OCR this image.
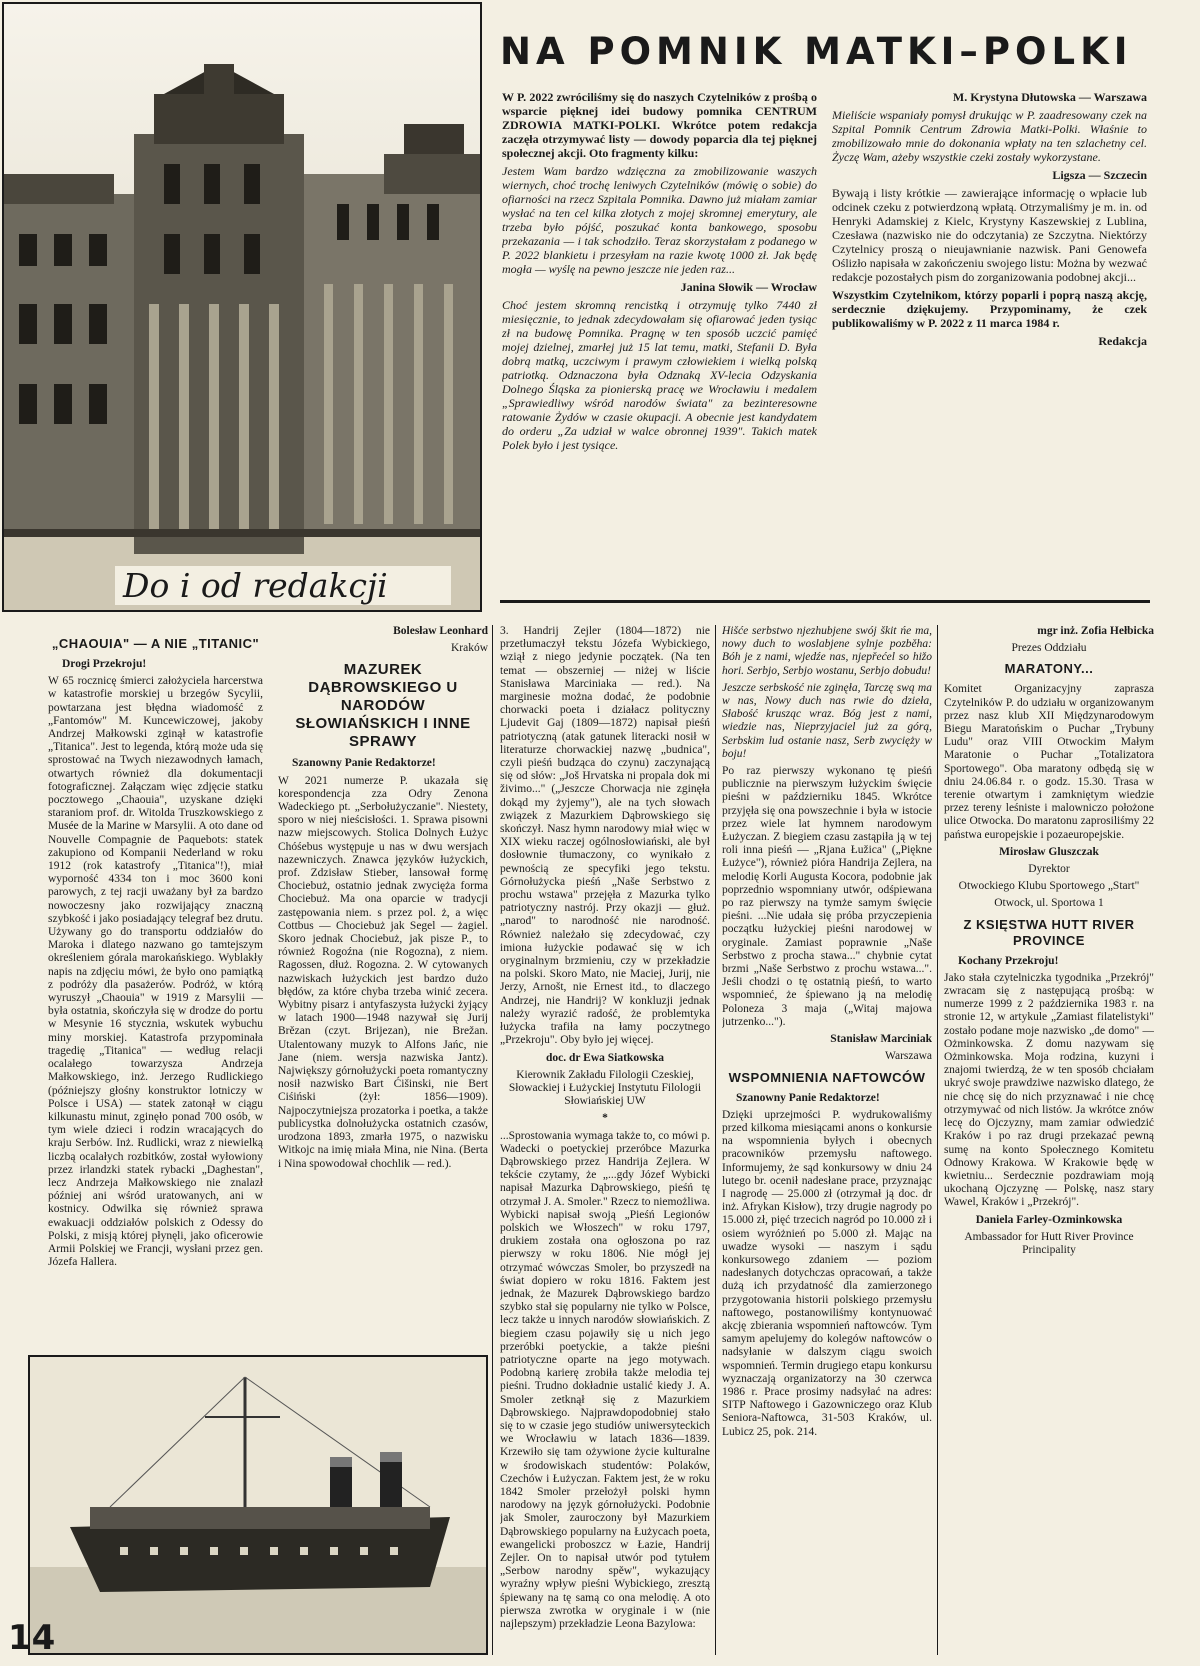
Do i od redakcji
NA POMNIK MATKI–POLKI

W P. 2022 zwróciliśmy się do naszych Czytelników z prośbą o wsparcie pięknej idei budowy pomnika CENTRUM ZDROWIA MATKI-POLKI. Wkrótce potem redakcja zaczęła otrzymywać listy — dowody poparcia dla tej pięknej społecznej akcji. Oto fragmenty kilku:

Jestem Wam bardzo wdzięczna za zmobilizowanie waszych wiernych, choć trochę leniwych Czytelników (mówię o sobie) do ofiarności na rzecz Szpitala Pomnika. Dawno już miałam zamiar wysłać na ten cel kilka złotych z mojej skromnej emerytury, ale trzeba było pójść, poszukać konta bankowego, sposobu przekazania — i tak schodziło. Teraz skorzystałam z podanego w P. 2022 blankietu i przesyłam na razie kwotę 1000 zł. Jak będę mogła — wyślę na pewno jeszcze nie jeden raz...

Janina Słowik — Wrocław

Choć jestem skromną rencistką i otrzymuję tylko 7440 zł miesięcznie, to jednak zdecydowałam się ofiarować jeden tysiąc zł na budowę Pomnika. Pragnę w ten sposób uczcić pamięć mojej dzielnej, zmarłej już 15 lat temu, matki, Stefanii D. Była dobrą matką, uczciwym i prawym człowiekiem i wielką polską patriotką. Odznaczona była Odznaką XV-lecia Odzyskania Dolnego Śląska za pionierską pracę we Wrocławiu i medalem „Sprawiedliwy wśród narodów świata" za bezinteresowne ratowanie Żydów w czasie okupacji. A obecnie jest kandydatem do orderu „Za udział w walce obronnej 1939". Takich matek Polek było i jest tysiące.

M. Krystyna Dłutowska — Warszawa

Mieliście wspaniały pomysł drukując w P. zaadresowany czek na Szpital Pomnik Centrum Zdrowia Matki-Polki. Właśnie to zmobilizowało mnie do dokonania wpłaty na ten szlachetny cel. Życzę Wam, ażeby wszystkie czeki zostały wykorzystane.

Ligsza — Szczecin

Bywają i listy krótkie — zawierające informację o wpłacie lub odcinek czeku z potwierdzoną wpłatą. Otrzymaliśmy je m. in. od Henryki Adamskiej z Kielc, Krystyny Kaszewskiej z Lublina, Czesława (nazwisko nie do odczytania) ze Szczytna. Niektórzy Czytelnicy proszą o nieujawnianie nazwisk. Pani Genowefa Oślizło napisała w zakończeniu swojego listu: Można by wezwać redakcje pozostałych pism do zorganizowania podobnej akcji...

Wszystkim Czytelnikom, którzy poparli i poprą naszą akcję, serdecznie dziękujemy. Przypominamy, że czek publikowaliśmy w P. 2022 z 11 marca 1984 r.

Redakcja

„CHAOUIA" — A NIE „TITANIC"

Drogi Przekroju!

W 65 rocznicę śmierci założyciela harcerstwa w katastrofie morskiej u brzegów Sycylii, powtarzana jest błędna wiadomość z „Fantomów" M. Kuncewiczowej, jakoby Andrzej Małkowski zginął w katastrofie „Titanica". Jest to legenda, którą może uda się sprostować na Twych niezawodnych łamach, otwartych również dla dokumentacji fotograficznej. Załączam więc zdjęcie statku pocztowego „Chaouia", uzyskane dzięki staraniom prof. dr. Witolda Truszkowskiego z Musée de la Marine w Marsylii. A oto dane od Nouvelle Compagnie de Paquebots: statek zakupiono od Kompanii Nederland w roku 1912 (rok katastrofy „Titanica"!), miał wyporność 4334 ton i moc 3600 koni parowych, z tej racji uważany był za bardzo nowoczesny jako rozwijający znaczną szybkość i jako posiadający telegraf bez drutu. Używany go do transportu oddziałów do Maroka i dlatego nazwano go tamtejszym określeniem górala marokańskiego. Wyblakły napis na zdjęciu mówi, że było ono pamiątką z podróży dla pasażerów. Podróż, w którą wyruszył „Chaouia" w 1919 z Marsylii — była ostatnia, skończyła się w drodze do portu w Mesynie 16 stycznia, wskutek wybuchu miny morskiej. Katastrofa przypominała tragedię „Titanica" — według relacji ocalałego towarzysza Andrzeja Małkowskiego, inż. Jerzego Rudlickiego (późniejszy głośny konstruktor lotniczy w Polsce i USA) — statek zatonął w ciągu kilkunastu minut, zginęło ponad 700 osób, w tym wiele dzieci i rodzin wracających do kraju Serbów. Inż. Rudlicki, wraz z niewielką liczbą ocalałych rozbitków, został wyłowiony przez irlandzki statek rybacki „Daghestan", lecz Andrzeja Małkowskiego nie znalazł później ani wśród uratowanych, ani w kostnicy. Odwilka się również sprawa ewakuacji oddziałów polskich z Odessy do Polski, z misją której płynęli, jako oficerowie Armii Polskiej we Francji, wysłani przez gen. Józefa Hallera.

Bolesław Leonhard

Kraków

MAZUREK DĄBROWSKIEGO U NARODÓW SŁOWIAŃSKICH I INNE SPRAWY

Szanowny Panie Redaktorze!

W 2021 numerze P. ukazała się korespondencja zza Odry Zenona Wadeckiego pt. „Serbołużyczanie". Niestety, sporo w niej nieścisłości. 1. Sprawa pisowni nazw miejscowych. Stolica Dolnych Łużyc Chóśebus występuje u nas w dwu wersjach nazewniczych. Znawca języków łużyckich, prof. Zdzisław Stieber, lansował formę Chociebuż, ostatnio jednak zwycięża forma Chociebuż. Ma ona oparcie w tradycji zastępowania niem. s przez pol. ż, a więc Cottbus — Chociebuż jak Segel — żagiel. Skoro jednak Chociebuż, jak pisze P., to również Rogoźna (nie Rogozna), z niem. Ragossen, dłuż. Rogozna. 2. W cytowanych nazwiskach łużyckich jest bardzo dużo błędów, za które chyba trzeba winić zecera. Wybitny pisarz i antyfaszysta łużycki żyjący w latach 1900—1948 nazywał się Jurij Brězan (czyt. Brijezan), nie Brežan. Utalentowany muzyk to Alfons Jańc, nie Jane (niem. wersja nazwiska Jantz). Największy górnołużycki poeta romantyczny nosił nazwisko Bart Ćišinski, nie Bert Ciśiński (żył: 1856—1909). Najpoczytniejsza prozatorka i poetka, a także publicystka dolnołużycka ostatnich czasów, urodzona 1893, zmarła 1975, o nazwisku Witkojc na imię miała Mina, nie Nina. (Berta i Nina spowodował chochlik — red.).

3. Handrij Zejler (1804—1872) nie przetłumaczył tekstu Józefa Wybickiego, wziął z niego jedynie początek. (Na ten temat — obszerniej — niżej w liście Stanisława Marciniaka — red.). Na marginesie można dodać, że podobnie chorwacki poeta i działacz polityczny Ljudevit Gaj (1809—1872) napisał pieśń patriotyczną (atak gatunek literacki nosił w literaturze chorwackiej nazwę „budnica", czyli pieśń budząca do czynu) zaczynającą się od słów: „Još Hrvatska ni propala dok mi živimo..." („Jeszcze Chorwacja nie zginęła dokąd my żyjemy"), ale na tych słowach związek z Mazurkiem Dąbrowskiego się skończył. Nasz hymn narodowy miał więc w XIX wieku raczej ogólnosłowiański, ale był dosłownie tłumaczony, co wynikało z pewnością ze specyfiki jego tekstu. Górnołużycka pieśń „Naše Serbstwo z prochu wstawa" przejęła z Mazurka tylko patriotyczny nastrój. Przy okazji — głuż. „narod" to narodność nie narodność. Również należało się zdecydować, czy imiona łużyckie podawać się w ich oryginalnym brzmieniu, czy w przekładzie na polski. Skoro Mato, nie Maciej, Jurij, nie Jerzy, Arnošt, nie Ernest itd., to dlaczego Andrzej, nie Handrij? W konkluzji jednak należy wyrazić radość, że problemtyka łużycka trafiła na łamy poczytnego „Przekroju". Oby było jej więcej.

doc. dr Ewa Siatkowska

Kierownik Zakładu Filologii Czeskiej, Słowackiej i Łużyckiej Instytutu Filologii Słowiańskiej UW

*

...Sprostowania wymaga także to, co mówi p. Wadecki o poetyckiej przeróbce Mazurka Dąbrowskiego przez Handrija Zejlera. W tekście czytamy, że „...gdy Józef Wybicki napisał Mazurka Dąbrowskiego, pieśń tę otrzymał J. A. Smoler." Rzecz to niemożliwa. Wybicki napisał swoją „Pieśń Legionów polskich we Włoszech" w roku 1797, drukiem została ona ogłoszona po raz pierwszy w roku 1806. Nie mógł jej otrzymać wówczas Smoler, bo przyszedł na świat dopiero w roku 1816. Faktem jest jednak, że Mazurek Dąbrowskiego bardzo szybko stał się popularny nie tylko w Polsce, lecz także u innych narodów słowiańskich. Z biegiem czasu pojawiły się u nich jego przeróbki poetyckie, a także pieśni patriotyczne oparte na jego motywach. Podobną karierę zrobiła także melodia tej pieśni. Trudno dokładnie ustalić kiedy J. A. Smoler zetknął się z Mazurkiem Dąbrowskiego. Najprawdopodobniej stało się to w czasie jego studiów uniwersyteckich we Wrocławiu w latach 1836—1839. Krzewiło się tam ożywione życie kulturalne w środowiskach studentów: Polaków, Czechów i Łużyczan. Faktem jest, że w roku 1842 Smoler przełożył polski hymn narodowy na język górnołużycki. Podobnie jak Smoler, zauroczony był Mazurkiem Dąbrowskiego popularny na Łużycach poeta, ewangelicki proboszcz w Łazie, Handrij Zejler. On to napisał utwór pod tytułem „Serbow narodny spěw", wykazujący wyraźny wpływ pieśni Wybickiego, zresztą śpiewany na tę samą co ona melodię. A oto pierwsza zwrotka w oryginale i w (nie najlepszym) przekładzie Leona Bazylowa:

Hišće serbstwo njezhubjene swój škit ńe ma, nowy duch to woslabjene sylnje pozběha: Bóh je z nami, wjedźe nas, njepřećel so hižo hori. Serbjo, Serbjo wostanu, Serbjo dobudu!

Jeszcze serbskość nie zginęła, Tarczę swą ma w nas, Nowy duch nas rwie do dzieła, Słabość krusząc wraz. Bóg jest z nami, wiedzie nas, Nieprzyjaciel już za górą, Serbskim lud ostanie nasz, Serb zwycięży w boju!

Po raz pierwszy wykonano tę pieśń publicznie na pierwszym łużyckim święcie pieśni w październiku 1845. Wkrótce przyjęła się ona powszechnie i była w istocie przez wiele lat hymnem narodowym Łużyczan. Z biegiem czasu zastąpiła ją w tej roli inna pieśń — „Rjana Łužica" („Piękne Łużyce"), również pióra Handrija Zejlera, na melodię Korli Augusta Kocora, podobnie jak poprzednio wspomniany utwór, odśpiewana po raz pierwszy na tymże samym święcie pieśni. ...Nie udała się próba przyczepienia początku łużyckiej pieśni narodowej w oryginale. Zamiast poprawnie „Naše Serbstwo z procha stawa..." chybnie cytat brzmi „Naše Serbstwo z prochu wstawa...". Jeśli chodzi o tę ostatnią pieśń, to warto wspomnieć, że śpiewano ją na melodię Poloneza 3 maja („Witaj majowa jutrzenko...").

Stanisław Marciniak

Warszawa

WSPOMNIENIA NAFTOWCÓW

Szanowny Panie Redaktorze!

Dzięki uprzejmości P. wydrukowaliśmy przed kilkoma miesiącami anons o konkursie na wspomnienia byłych i obecnych pracowników przemysłu naftowego. Informujemy, że sąd konkursowy w dniu 24 lutego br. ocenił nadesłane prace, przyznając I nagrodę — 25.000 zł (otrzymał ją doc. dr inż. Afrykan Kisłow), trzy drugie nagrody po 15.000 zł, pięć trzecich nagród po 10.000 zł i osiem wyróżnień po 5.000 zł. Mając na uwadze wysoki — naszym i sądu konkursowego zdaniem — poziom nadesłanych dotychczas opracowań, a także dużą ich przydatność dla zamierzonego przygotowania historii polskiego przemysłu naftowego, postanowiliśmy kontynuować akcję zbierania wspomnień naftowców. Tym samym apelujemy do kolegów naftowców o nadsyłanie w dalszym ciągu swoich wspomnień. Termin drugiego etapu konkursu wyznaczają organizatorzy na 30 czerwca 1986 r. Prace prosimy nadsyłać na adres: SITP Naftowego i Gazowniczego oraz Klub Seniora-Naftowca, 31-503 Kraków, ul. Lubicz 25, pok. 214.

mgr inż. Zofia Hełbicka

Prezes Oddziału

MARATONY...

Komitet Organizacyjny zaprasza Czytelników P. do udziału w organizowanym przez nasz klub XII Międzynarodowym Biegu Maratońskim o Puchar „Trybuny Ludu" oraz VIII Otwockim Małym Maratonie o Puchar „Totalizatora Sportowego". Oba maratony odbędą się w dniu 24.06.84 r. o godz. 15.30. Trasa w terenie otwartym i zamkniętym wiedzie przez tereny leśniste i malowniczo położone ulice Otwocka. Do maratonu zaprosiliśmy 22 państwa europejskie i pozaeuropejskie.

Mirosław Gluszczak

Dyrektor

Otwockiego Klubu Sportowego „Start"

Otwock, ul. Sportowa 1

Z KSIĘSTWA HUTT RIVER PROVINCE

Kochany Przekroju!

Jako stała czytelniczka tygodnika „Przekrój" zwracam się z następującą prośbą: w numerze 1999 z 2 października 1983 r. na stronie 12, w artykule „Zamiast filatelistyki" zostało podane moje nazwisko „de domo" — Ożminkowska. Z domu nazywam się Ożminkowska. Moja rodzina, kuzyni i znajomi twierdzą, że w ten sposób chciałam ukryć swoje prawdziwe nazwisko dlatego, że nie chcę się do nich przyznawać i nie chcę otrzymywać od nich listów. Ja wkrótce znów lecę do Ojczyzny, mam zamiar odwiedzić Kraków i po raz drugi przekazać pewną sumę na konto Społecznego Komitetu Odnowy Krakowa. W Krakowie będę w kwietniu... Serdecznie pozdrawiam moją ukochaną Ojczyznę — Polskę, nasz stary Wawel, Kraków i „Przekrój".

Daniela Farley-Ozminkowska

Ambassador for Hutt River Province Principality

14
